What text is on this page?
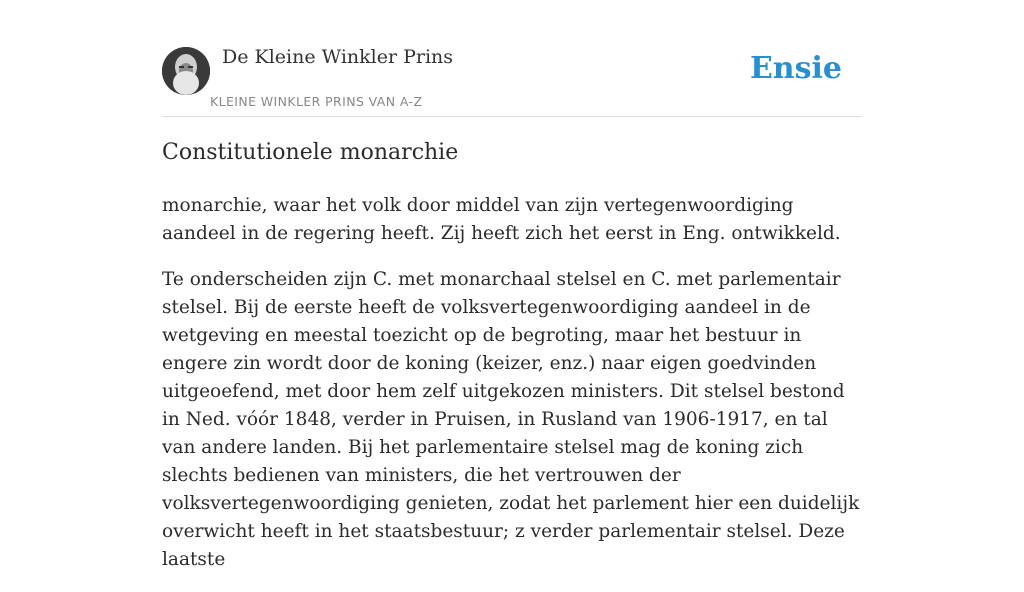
De Kleine Winkler Prins
KLEINE WINKLER PRINS VAN A-Z
Ensie
Constitutionele monarchie

monarchie, waar het volk door middel van zijn vertegenwoordiging aandeel in de regering heeft. Zij heeft zich het eerst in Eng. ontwikkeld.

Te onderscheiden zijn C. met monarchaal stelsel en C. met parlementair stelsel. Bij de eerste heeft de volksvertegenwoordiging aandeel in de wetgeving en meestal toezicht op de begroting, maar het bestuur in engere zin wordt door de koning (keizer, enz.) naar eigen goedvinden uitgeoefend, met door hem zelf uitgekozen ministers. Dit stelsel bestond in Ned. vóór 1848, verder in Pruisen, in Rusland van 1906-1917, en tal van andere landen. Bij het parlementaire stelsel mag de koning zich slechts bedienen van ministers, die het vertrouwen der volksvertegenwoordiging genieten, zodat het parlement hier een duidelijk overwicht heeft in het staatsbestuur; z verder parlementair stelsel. Deze laatste
